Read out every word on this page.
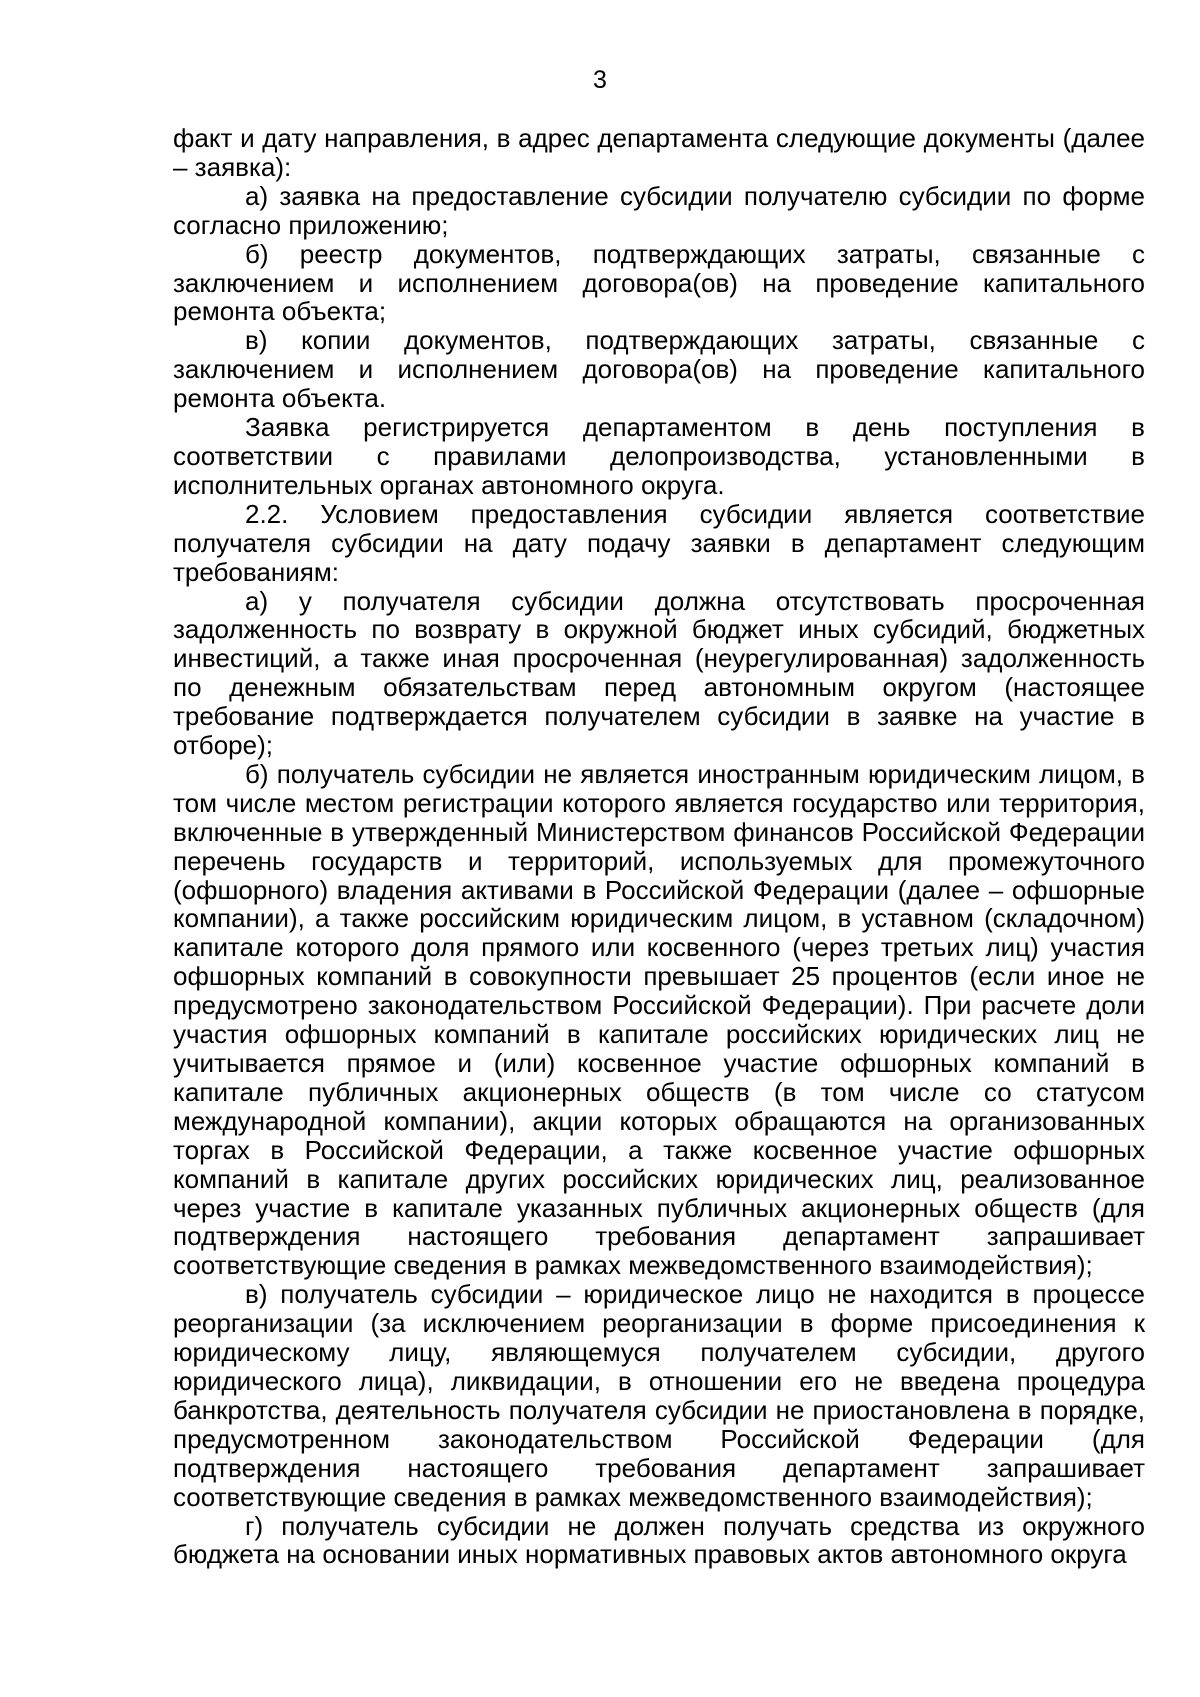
3

факт и дату направления, в адрес департамента следующие документы (далее – заявка):

а) заявка на предоставление субсидии получателю субсидии по форме согласно приложению;

б) реестр документов, подтверждающих затраты, связанные с заключением и исполнением договора(ов) на проведение капитального ремонта объекта;

в) копии документов, подтверждающих затраты, связанные с заключением и исполнением договора(ов) на проведение капитального ремонта объекта.

Заявка регистрируется департаментом в день поступления в соответствии с правилами делопроизводства, установленными в исполнительных органах автономного округа.

2.2. Условием предоставления субсидии является соответствие получателя субсидии на дату подачу заявки в департамент следующим требованиям:

а) у получателя субсидии должна отсутствовать просроченная задолженность по возврату в окружной бюджет иных субсидий, бюджетных инвестиций, а также иная просроченная (неурегулированная) задолженность по денежным обязательствам перед автономным округом (настоящее требование подтверждается получателем субсидии в заявке на участие в отборе);

б) получатель субсидии не является иностранным юридическим лицом, в том числе местом регистрации которого является государство или территория, включенные в утвержденный Министерством финансов Российской Федерации перечень государств и территорий, используемых для промежуточного (офшорного) владения активами в Российской Федерации (далее – офшорные компании), а также российским юридическим лицом, в уставном (складочном) капитале которого доля прямого или косвенного (через третьих лиц) участия офшорных компаний в совокупности превышает 25 процентов (если иное не предусмотрено законодательством Российской Федерации). При расчете доли участия офшорных компаний в капитале российских юридических лиц не учитывается прямое и (или) косвенное участие офшорных компаний в капитале публичных акционерных обществ (в том числе со статусом международной компании), акции которых обращаются на организованных торгах в Российской Федерации, а также косвенное участие офшорных компаний в капитале других российских юридических лиц, реализованное через участие в капитале указанных публичных акционерных обществ (для подтверждения настоящего требования департамент запрашивает соответствующие сведения в рамках межведомственного взаимодействия);

в) получатель субсидии – юридическое лицо не находится в процессе реорганизации (за исключением реорганизации в форме присоединения к юридическому лицу, являющемуся получателем субсидии, другого юридического лица), ликвидации, в отношении его не введена процедура банкротства, деятельность получателя субсидии не приостановлена в порядке, предусмотренном законодательством Российской Федерации (для подтверждения настоящего требования департамент запрашивает соответствующие сведения в рамках межведомственного взаимодействия);

г) получатель субсидии не должен получать средства из окружного бюджета на основании иных нормативных правовых актов автономного округа
